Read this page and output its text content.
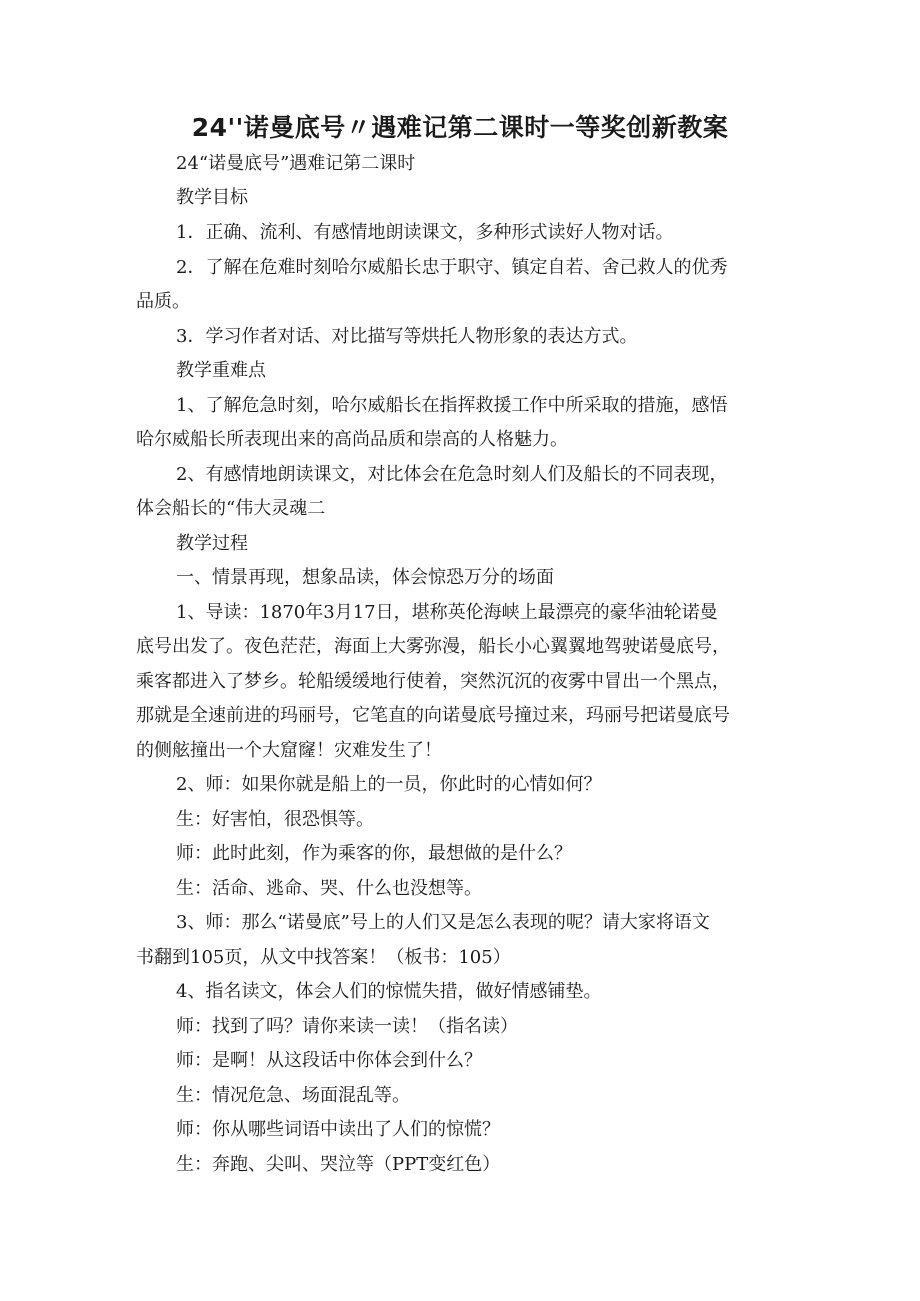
24''诺曼底号〃遇难记第二课时一等奖创新教案
24“诺曼底号”遇难记第二课时
教学目标
1．正确、流利、有感情地朗读课文，多种形式读好人物对话。
2．了解在危难时刻哈尔威船长忠于职守、镇定自若、舍己救人的优秀
品质。
3．学习作者对话、对比描写等烘托人物形象的表达方式。
教学重难点
1、了解危急时刻，哈尔威船长在指挥救援工作中所采取的措施，感悟
哈尔威船长所表现出来的高尚品质和崇高的人格魅力。
2、有感情地朗读课文，对比体会在危急时刻人们及船长的不同表现，
体会船长的“伟大灵魂二
教学过程
一、情景再现，想象品读，体会惊恐万分的场面
1、导读：1870年3月17日，堪称英伦海峡上最漂亮的豪华油轮诺曼
底号出发了。夜色茫茫，海面上大雾弥漫，船长小心翼翼地驾驶诺曼底号，
乘客都进入了梦乡。轮船缓缓地行使着，突然沉沉的夜雾中冒出一个黑点，
那就是全速前进的玛丽号，它笔直的向诺曼底号撞过来，玛丽号把诺曼底号
的侧舷撞出一个大窟窿！灾难发生了！
2、师：如果你就是船上的一员，你此时的心情如何？
生：好害怕，很恐惧等。
师：此时此刻，作为乘客的你，最想做的是什么？
生：活命、逃命、哭、什么也没想等。
3、师：那么“诺曼底”号上的人们又是怎么表现的呢？请大家将语文
书翻到105页，从文中找答案！（板书：105）
4、指名读文，体会人们的惊慌失措，做好情感铺垫。
师：找到了吗？请你来读一读！（指名读）
师：是啊！从这段话中你体会到什么？
生：情况危急、场面混乱等。
师：你从哪些词语中读出了人们的惊慌？
生：奔跑、尖叫、哭泣等（PPT变红色）
